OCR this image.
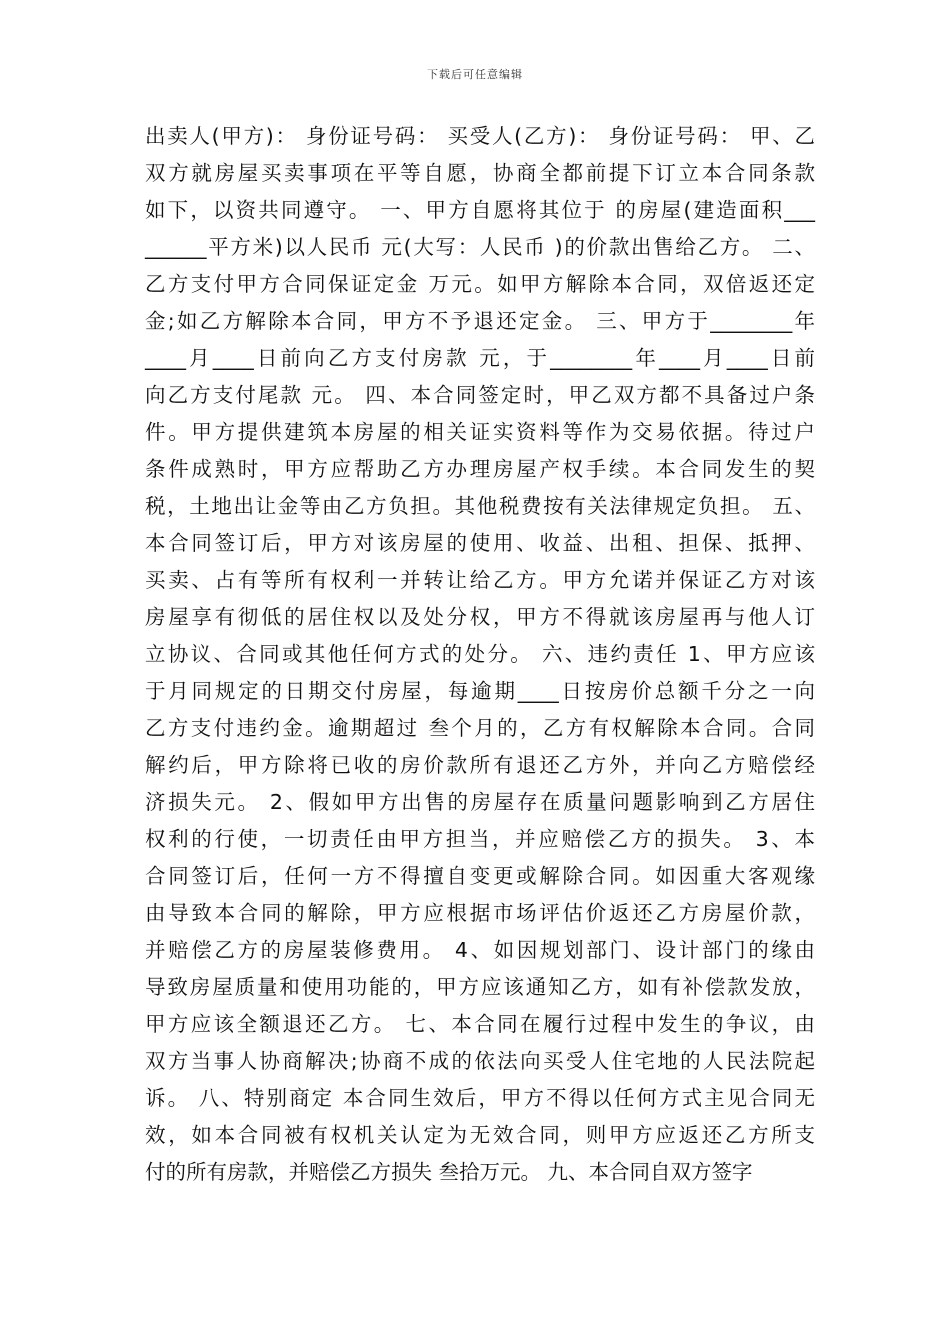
下载后可任意编辑
出卖人(甲方)： 身份证号码： 买受人(乙方)： 身份证号码： 甲、乙
双方就房屋买卖事项在平等自愿，协商全都前提下订立本合同条款
如下，以资共同遵守。 一、甲方自愿将其位于 的房屋(建造面积___
______平方米)以人民币 元(大写：人民币 )的价款出售给乙方。 二、
乙方支付甲方合同保证定金 万元。如甲方解除本合同，双倍返还定
金;如乙方解除本合同，甲方不予退还定金。 三、甲方于________年
____月____日前向乙方支付房款 元，于________年____月____日前
向乙方支付尾款 元。 四、本合同签定时，甲乙双方都不具备过户条
件。甲方提供建筑本房屋的相关证实资料等作为交易依据。待过户
条件成熟时，甲方应帮助乙方办理房屋产权手续。本合同发生的契
税，土地出让金等由乙方负担。其他税费按有关法律规定负担。 五、
本合同签订后，甲方对该房屋的使用、收益、出租、担保、抵押、
买卖、占有等所有权利一并转让给乙方。甲方允诺并保证乙方对该
房屋享有彻低的居住权以及处分权，甲方不得就该房屋再与他人订
立协议、合同或其他任何方式的处分。 六、违约责任 1、甲方应该
于月同规定的日期交付房屋，每逾期____日按房价总额千分之一向
乙方支付违约金。逾期超过 叁个月的，乙方有权解除本合同。合同
解约后，甲方除将已收的房价款所有退还乙方外，并向乙方赔偿经
济损失元。 2、假如甲方出售的房屋存在质量问题影响到乙方居住
权利的行使，一切责任由甲方担当，并应赔偿乙方的损失。 3、本
合同签订后，任何一方不得擅自变更或解除合同。如因重大客观缘
由导致本合同的解除，甲方应根据市场评估价返还乙方房屋价款，
并赔偿乙方的房屋装修费用。 4、如因规划部门、设计部门的缘由
导致房屋质量和使用功能的，甲方应该通知乙方，如有补偿款发放，
甲方应该全额退还乙方。 七、本合同在履行过程中发生的争议，由
双方当事人协商解决;协商不成的依法向买受人住宅地的人民法院起
诉。 八、特别商定 本合同生效后，甲方不得以任何方式主见合同无
效，如本合同被有权机关认定为无效合同，则甲方应返还乙方所支
付的所有房款，并赔偿乙方损失 叁拾万元。 九、本合同自双方签字
